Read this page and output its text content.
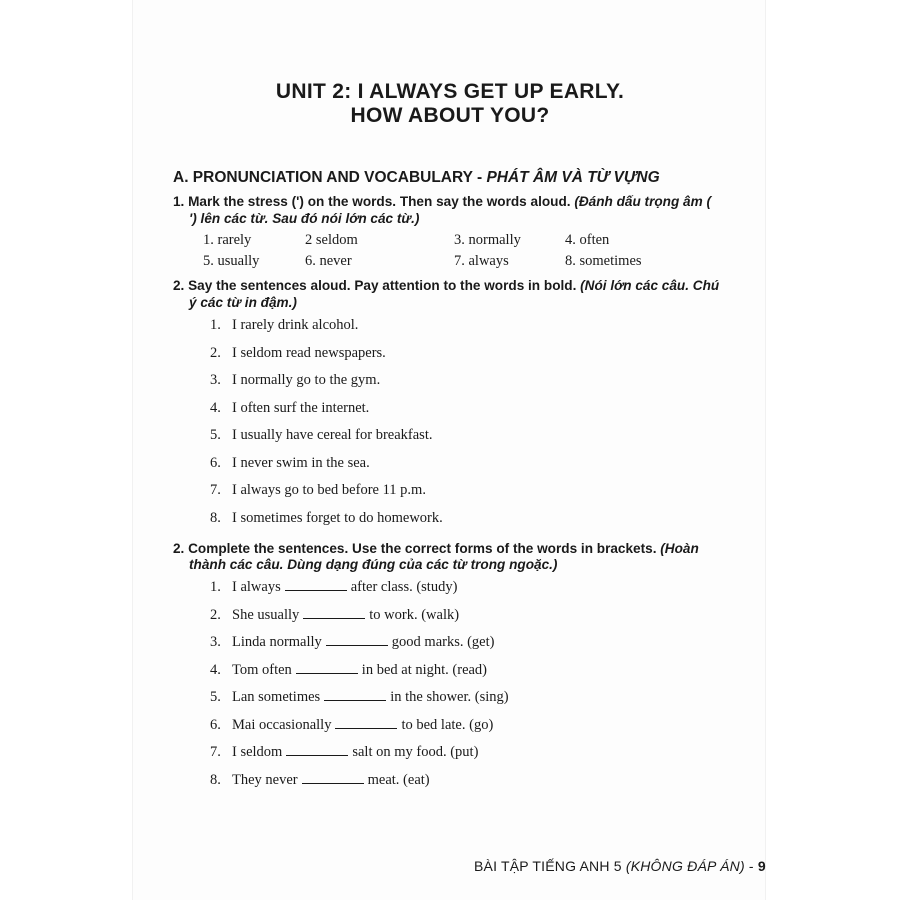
UNIT 2: I ALWAYS GET UP EARLY.
HOW ABOUT YOU?
A. PRONUNCIATION AND VOCABULARY - PHÁT ÂM VÀ TỪ VỰNG
1. Mark the stress (') on the words. Then say the words aloud. (Đánh dấu trọng âm (
') lên các từ. Sau đó nói lớn các từ.)
1. rarely	2 seldom	3. normally	4. often
5. usually	6. never	7. always	8. sometimes
2. Say the sentences aloud. Pay attention to the words in bold. (Nói lớn các câu. Chú
ý các từ in đậm.)
1. I rarely drink alcohol.
2. I seldom read newspapers.
3. I normally go to the gym.
4. I often surf the internet.
5. I usually have cereal for breakfast.
6. I never swim in the sea.
7. I always go to bed before 11 p.m.
8. I sometimes forget to do homework.
2. Complete the sentences. Use the correct forms of the words in brackets. (Hoàn
thành các câu. Dùng dạng đúng của các từ trong ngoặc.)
1. I always	after class. (study)
2. She usually	to work. (walk)
3. Linda normally	good marks. (get)
4. Tom often	in bed at night. (read)
5. Lan sometimes	in the shower. (sing)
6. Mai occasionally	to bed late. (go)
7. I seldom	salt on my food. (put)
8. They never	meat. (eat)
BÀI TẬP TIẾNG ANH 5 (KHÔNG ĐÁP ÁN) - 9
